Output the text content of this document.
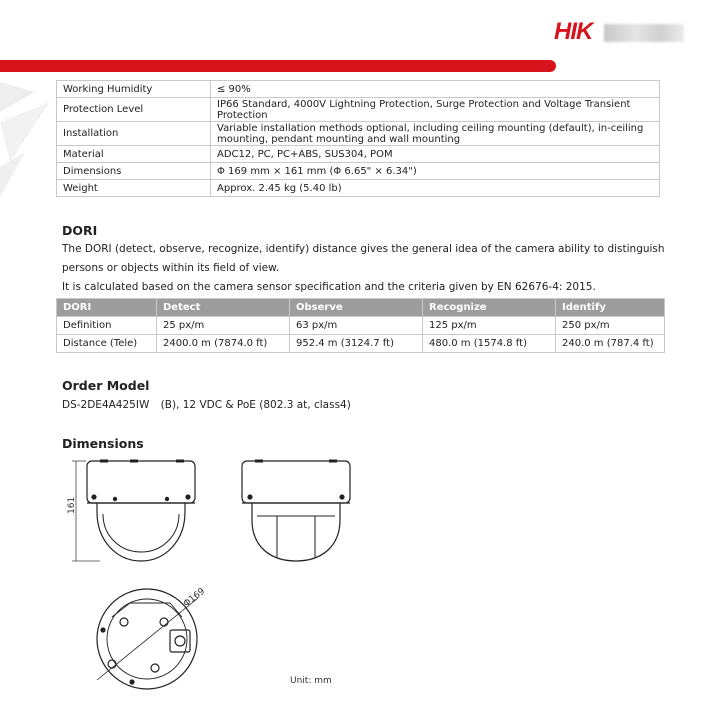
HIK
Working Humidity	≤ 90%
Protection Level	IP66 Standard, 4000V Lightning Protection, Surge Protection and Voltage Transient Protection
Installation	Variable installation methods optional, including ceiling mounting (default), in-ceiling mounting, pendant mounting and wall mounting
Material	ADC12, PC, PC+ABS, SUS304, POM
Dimensions	Φ 169 mm × 161 mm (Φ 6.65" × 6.34")
Weight	Approx. 2.45 kg (5.40 lb)
DORI
The DORI (detect, observe, recognize, identify) distance gives the general idea of the camera ability to distinguish
persons or objects within its field of view.
It is calculated based on the camera sensor specification and the criteria given by EN 62676-4: 2015.
DORI	Detect	Observe	Recognize	Identify
Definition	25 px/m	63 px/m	125 px/m	250 px/m
Distance (Tele)	2400.0 m (7874.0 ft)	952.4 m (3124.7 ft)	480.0 m (1574.8 ft)	240.0 m (787.4 ft)
Order Model
DS-2DE4A425IW (B), 12 VDC & PoE (802.3 at, class4)
Dimensions
161
Φ169
Unit: mm
